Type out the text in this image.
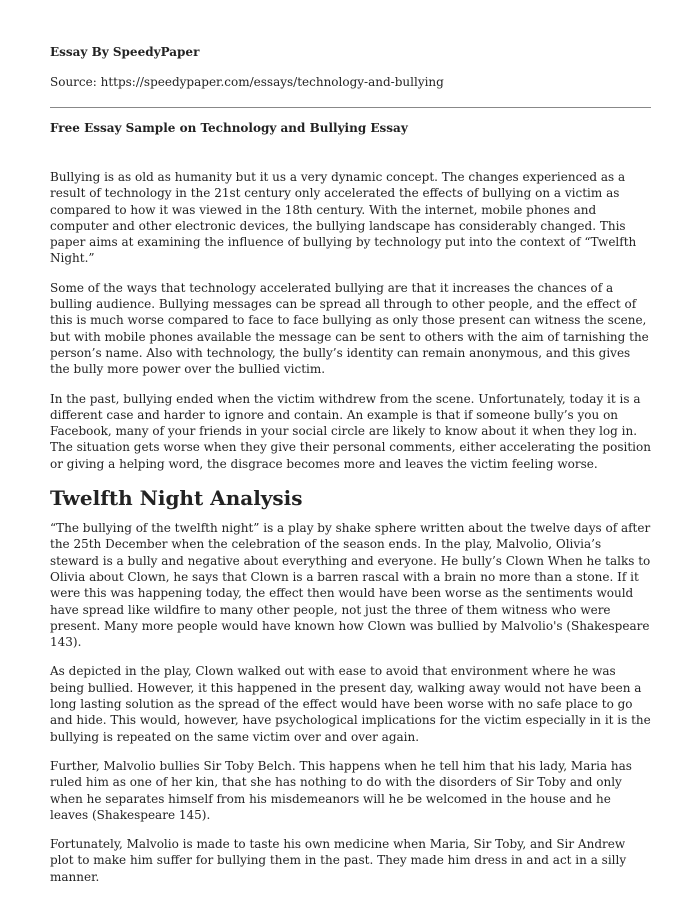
Essay By SpeedyPaper

Source: https://speedypaper.com/essays/technology-and-bullying

Free Essay Sample on Technology and Bullying Essay

Bullying is as old as humanity but it us a very dynamic concept. The changes experienced as a result of technology in the 21st century only accelerated the effects of bullying on a victim as compared to how it was viewed in the 18th century. With the internet, mobile phones and computer and other electronic devices, the bullying landscape has considerably changed. This paper aims at examining the influence of bullying by technology put into the context of “Twelfth Night.”

Some of the ways that technology accelerated bullying are that it increases the chances of a bulling audience. Bullying messages can be spread all through to other people, and the effect of this is much worse compared to face to face bullying as only those present can witness the scene, but with mobile phones available the message can be sent to others with the aim of tarnishing the person’s name. Also with technology, the bully’s identity can remain anonymous, and this gives the bully more power over the bullied victim.

In the past, bullying ended when the victim withdrew from the scene. Unfortunately, today it is a different case and harder to ignore and contain. An example is that if someone bully’s you on Facebook, many of your friends in your social circle are likely to know about it when they log in. The situation gets worse when they give their personal comments, either accelerating the position or giving a helping word, the disgrace becomes more and leaves the victim feeling worse.

Twelfth Night Analysis

“The bullying of the twelfth night” is a play by shake sphere written about the twelve days of after the 25th December when the celebration of the season ends. In the play, Malvolio, Olivia’s steward is a bully and negative about everything and everyone. He bully’s Clown When he talks to Olivia about Clown, he says that Clown is a barren rascal with a brain no more than a stone. If it were this was happening today, the effect then would have been worse as the sentiments would have spread like wildfire to many other people, not just the three of them witness who were present. Many more people would have known how Clown was bullied by Malvolio's (Shakespeare 143).

As depicted in the play, Clown walked out with ease to avoid that environment where he was being bullied. However, it this happened in the present day, walking away would not have been a long lasting solution as the spread of the effect would have been worse with no safe place to go and hide. This would, however, have psychological implications for the victim especially in it is the bullying is repeated on the same victim over and over again.

Further, Malvolio bullies Sir Toby Belch. This happens when he tell him that his lady, Maria has ruled him as one of her kin, that she has nothing to do with the disorders of Sir Toby and only when he separates himself from his misdemeanors will he be welcomed in the house and he leaves (Shakespeare 145).

Fortunately, Malvolio is made to taste his own medicine when Maria, Sir Toby, and Sir Andrew plot to make him suffer for bullying them in the past. They made him dress in and act in a silly manner.
